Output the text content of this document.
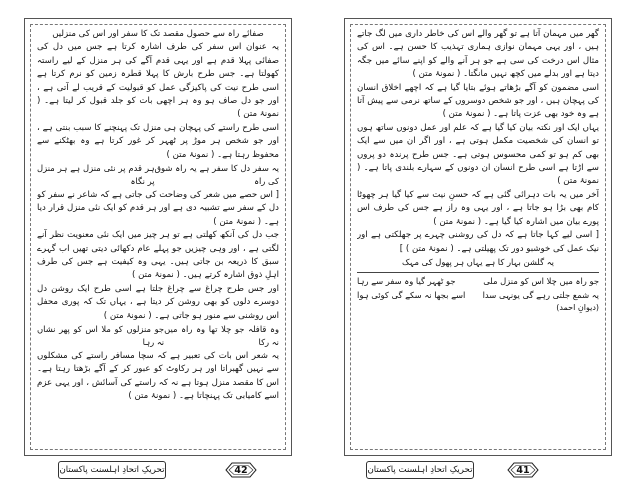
صفائے راہ سے حصول مقصد تک کا سفر اور اس کی منزلیں

یہ عنوان اس سفر کی طرف اشارہ کرتا ہے جس میں دل کی صفائی پہلا قدم ہے اور یہی قدم آگے کی ہر منزل کے لیے راستہ کھولتا ہے۔ جس طرح بارش کا پہلا قطرہ زمین کو نرم کرتا ہے اسی طرح نیت کی پاکیزگی عمل کو قبولیت کے قریب لے آتی ہے ، اور جو دل صاف ہو وہ ہر اچھی بات کو جلد قبول کر لیتا ہے۔ ( نمونۂ متن )

اسی طرح راستے کی پہچان ہی منزل تک پہنچنے کا سبب بنتی ہے ، اور جو شخص ہر موڑ پر ٹھہر کر غور کرتا ہے وہ بھٹکنے سے محفوظ رہتا ہے۔ ( نمونۂ متن )

یہ سفر دل کا سفر ہے یہ راہ شوق کی راہ
ہر قدم پر نئی منزل ہے ہر منزل پر نگاہ

[ اس حصے میں شعر کی وضاحت کی جاتی ہے کہ شاعر نے سفر کو دل کے سفر سے تشبیہ دی ہے اور ہر قدم کو ایک نئی منزل قرار دیا ہے۔ ( نمونۂ متن )

جب دل کی آنکھ کھلتی ہے تو ہر چیز میں ایک نئی معنویت نظر آنے لگتی ہے ، اور وہی چیزیں جو پہلے عام دکھائی دیتی تھیں اب گہرے سبق کا ذریعہ بن جاتی ہیں۔ یہی وہ کیفیت ہے جس کی طرف اہلِ ذوق اشارہ کرتے ہیں۔ ( نمونۂ متن )

اور جس طرح چراغ سے چراغ جلتا ہے اسی طرح ایک روشن دل دوسرے دلوں کو بھی روشن کر دیتا ہے ، یہاں تک کہ پوری محفل اس روشنی سے منور ہو جاتی ہے۔ ( نمونۂ متن )

وہ قافلہ جو چلا تھا وہ راہ میں نہ رکا
جو منزلوں کو ملا اس کو پھر نشاں نہ رہا

یہ شعر اس بات کی تعبیر ہے کہ سچا مسافر راستے کی مشکلوں سے نہیں گھبراتا اور ہر رکاوٹ کو عبور کر کے آگے بڑھتا رہتا ہے۔ اس کا مقصد منزل ہوتا ہے نہ کہ راستے کی آسائش ، اور یہی عزم اسے کامیابی تک پہنچاتا ہے۔ ( نمونۂ متن )

تحریکِ اتحادِ اہلسنت پاکستان	42

گھر میں مہمان آتا ہے تو گھر والے اس کی خاطر داری میں لگ جاتے ہیں ، اور یہی مہمان نوازی ہماری تہذیب کا حسن ہے۔ اس کی مثال اس درخت کی سی ہے جو ہر آنے والے کو اپنے سائے میں جگہ دیتا ہے اور بدلے میں کچھ نہیں مانگتا۔ ( نمونۂ متن )

اسی مضمون کو آگے بڑھاتے ہوئے بتایا گیا ہے کہ اچھے اخلاق انسان کی پہچان ہیں ، اور جو شخص دوسروں کے ساتھ نرمی سے پیش آتا ہے وہ خود بھی عزت پاتا ہے۔ ( نمونۂ متن )

یہاں ایک اور نکتہ بیان کیا گیا ہے کہ علم اور عمل دونوں ساتھ ہوں تو انسان کی شخصیت مکمل ہوتی ہے ، اور اگر ان میں سے ایک بھی کم ہو تو کمی محسوس ہوتی ہے۔ جس طرح پرندہ دو پروں سے اڑتا ہے اسی طرح انسان ان دونوں کے سہارے بلندی پاتا ہے۔ ( نمونۂ متن )

آخر میں یہ بات دہرائی گئی ہے کہ حسنِ نیت سے کیا گیا ہر چھوٹا کام بھی بڑا ہو جاتا ہے ، اور یہی وہ راز ہے جس کی طرف اس پورے بیان میں اشارہ کیا گیا ہے۔ ( نمونۂ متن )

[ اسی لیے کہا جاتا ہے کہ دل کی روشنی چہرے پر جھلکتی ہے اور نیک عمل کی خوشبو دور تک پھیلتی ہے۔ ( نمونۂ متن ) ]

یہ گلشن بہار کا ہے یہاں ہر پھول کی مہک
جو راہ میں چلا اس کو منزل ملی
جو ٹھہر گیا وہ سفر سے رہا
یہ شمع جلتی رہے گی یونہی سدا
اسے بجھا نہ سکے گی کوئی ہوا
(دیوانِ احمد)
تحریکِ اتحادِ اہلسنت پاکستان	41
